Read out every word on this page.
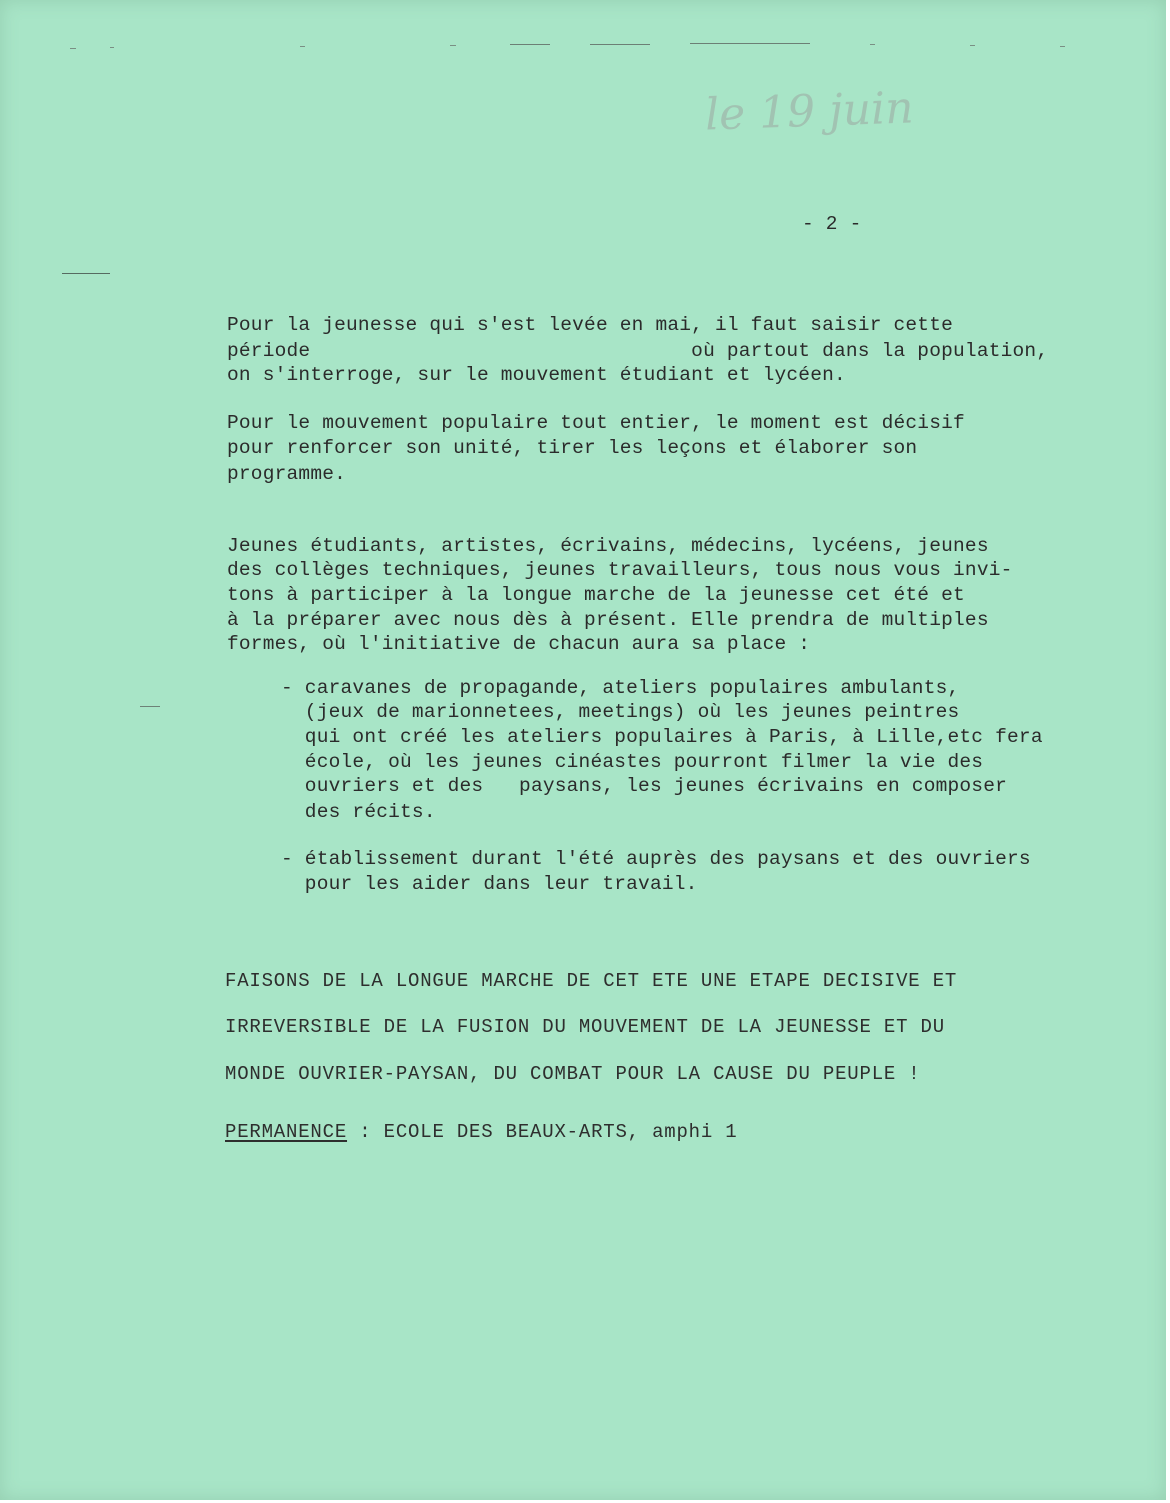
le 19 juin
- 2 -
Pour la jeunesse qui s'est levée en mai, il faut saisir cette
période                                où partout dans la population,
on s'interroge, sur le mouvement étudiant et lycéen.
Pour le mouvement populaire tout entier, le moment est décisif
pour renforcer son unité, tirer les leçons et élaborer son
programme.
Jeunes étudiants, artistes, écrivains, médecins, lycéens, jeunes
des collèges techniques, jeunes travailleurs, tous nous vous invi-
tons à participer à la longue marche de la jeunesse cet été et
à la préparer avec nous dès à présent. Elle prendra de multiples
formes, où l'initiative de chacun aura sa place :
- caravanes de propagande, ateliers populaires ambulants,
(jeux de marionnetees, meetings) où les jeunes peintres
qui ont créé les ateliers populaires à Paris, à Lille,etc fera
école, où les jeunes cinéastes pourront filmer la vie des
ouvriers et des   paysans, les jeunes écrivains en composer
des récits.
- établissement durant l'été auprès des paysans et des ouvriers
pour les aider dans leur travail.
FAISONS DE LA LONGUE MARCHE DE CET ETE UNE ETAPE DECISIVE ET
IRREVERSIBLE DE LA FUSION DU MOUVEMENT DE LA JEUNESSE ET DU
MONDE OUVRIER-PAYSAN, DU COMBAT POUR LA CAUSE DU PEUPLE !
PERMANENCE : ECOLE DES BEAUX-ARTS, amphi 1
